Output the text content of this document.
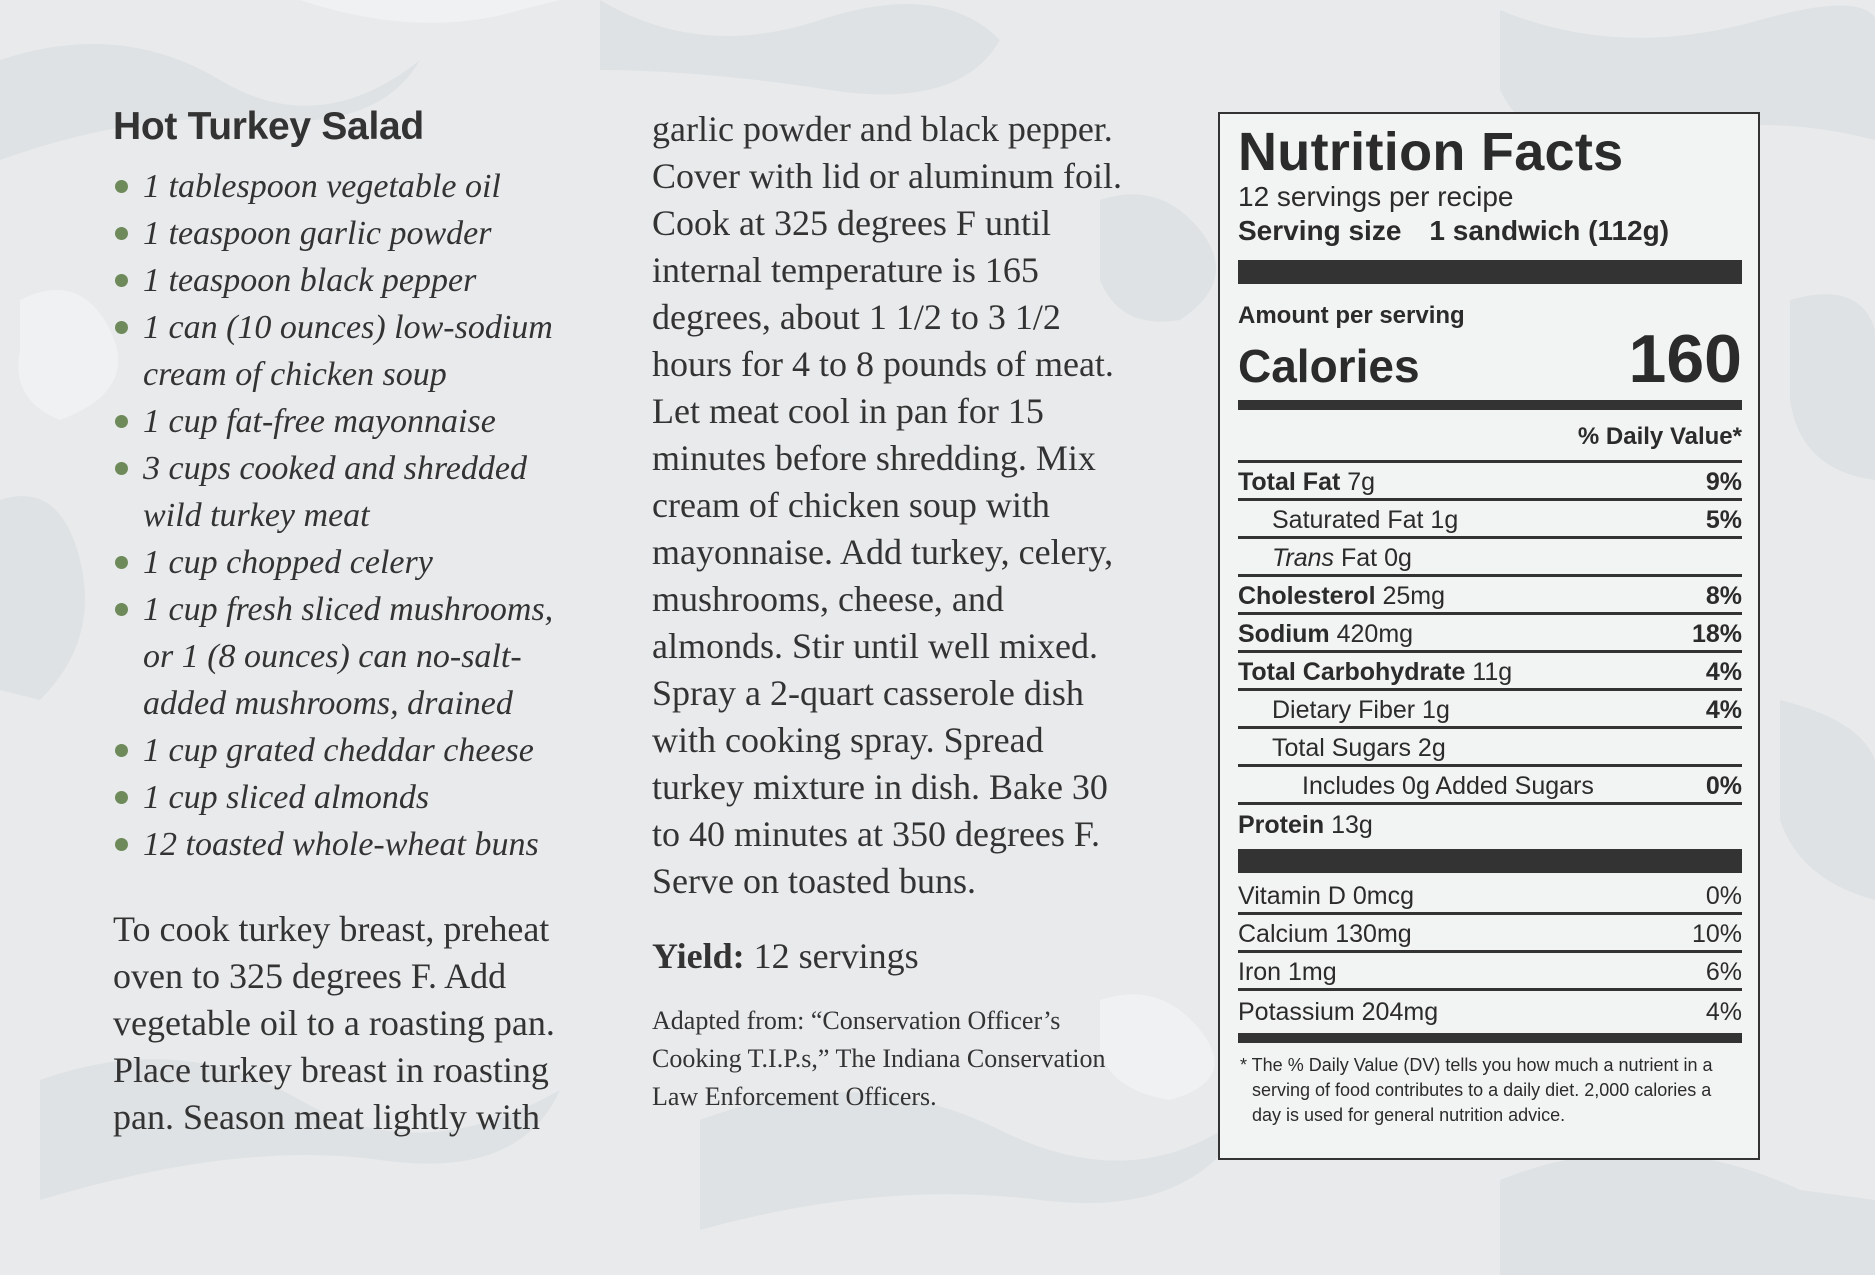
Hot Turkey Salad
1 tablespoon vegetable oil
1 teaspoon garlic powder
1 teaspoon black pepper
1 can (10 ounces) low-sodium cream of chicken soup
1 cup fat-free mayonnaise
3 cups cooked and shredded wild turkey meat
1 cup chopped celery
1 cup fresh sliced mushrooms, or 1 (8 ounces) can no-salt-added mushrooms, drained
1 cup grated cheddar cheese
1 cup sliced almonds
12 toasted whole-wheat buns

To cook turkey breast, preheat oven to 325 degrees F. Add vegetable oil to a roasting pan. Place turkey breast in roasting pan. Season meat lightly with

garlic powder and black pepper. Cover with lid or aluminum foil. Cook at 325 degrees F until internal temperature is 165 degrees, about 1 1/2 to 3 1/2 hours for 4 to 8 pounds of meat. Let meat cool in pan for 15 minutes before shredding. Mix cream of chicken soup with mayonnaise. Add turkey, celery, mushrooms, cheese, and almonds. Stir until well mixed. Spray a 2-quart casserole dish with cooking spray. Spread turkey mixture in dish. Bake 30 to 40 minutes at 350 degrees F. Serve on toasted buns.

Yield: 12 servings

Adapted from: “Conservation Officer’s Cooking T.I.P.s,” The Indiana Conservation Law Enforcement Officers.

Nutrition Facts
12 servings per recipe
Serving size 1 sandwich (112g)
Amount per serving
Calories	160
% Daily Value*
Total Fat 7g	9%
Saturated Fat 1g	5%
Trans Fat 0g
Cholesterol 25mg	8%
Sodium 420mg	18%
Total Carbohydrate 11g	4%
Dietary Fiber 1g	4%
Total Sugars 2g
Includes 0g Added Sugars	0%
Protein 13g
Vitamin D 0mcg	0%
Calcium 130mg	10%
Iron 1mg	6%
Potassium 204mg	4%
* The % Daily Value (DV) tells you how much a nutrient in a serving of food contributes to a daily diet. 2,000 calories a day is used for general nutrition advice.
